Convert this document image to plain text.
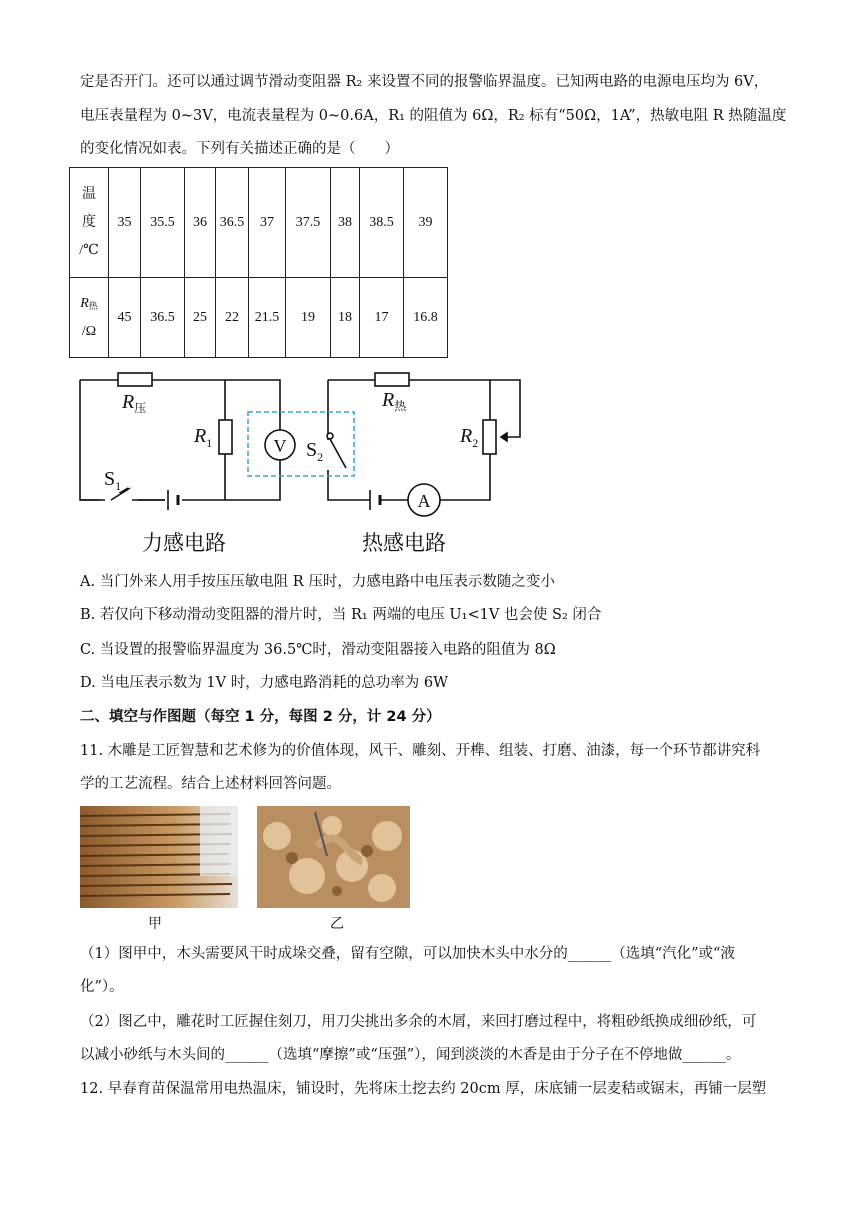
定是否开门。还可以通过调节滑动变阻器 R₂ 来设置不同的报警临界温度。已知两电路的电源电压均为 6V，
电压表量程为 0~3V，电流表量程为 0~0.6A，R₁ 的阻值为 6Ω，R₂ 标有“50Ω，1A”，热敏电阻 R 热随温度
的变化情况如表。下列有关描述正确的是（　　）
温
度
/℃	35	35.5	36	36.5	37	37.5	38	38.5	39

$R_热$
/Ω	45	36.5	25	22	21.5	19	18	17	16.8
$R_压$
$R_1$	V
$S_1$
$S_2$
$R_热$
$R_2$
A
力感电路	热感电路
A. 当门外来人用手按压压敏电阻 R 压时，力感电路中电压表示数随之变小
B. 若仅向下移动滑动变阻器的滑片时，当 R₁ 两端的电压 U₁<1V 也会使 S₂ 闭合
C. 当设置的报警临界温度为 36.5℃时，滑动变阻器接入电路的阻值为 8Ω
D. 当电压表示数为 1V 时，力感电路消耗的总功率为 6W
二、填空与作图题（每空 1 分，每图 2 分，计 24 分）
11. 木雕是工匠智慧和艺术修为的价值体现，风干、雕刻、开榫、组装、打磨、油漆，每一个环节都讲究科
学的工艺流程。结合上述材料回答问题。
甲	乙
（1）图甲中，木头需要风干时成垛交叠，留有空隙，可以加快木头中水分的______（选填“汽化”或“液
化”）。
（2）图乙中，雕花时工匠握住刻刀，用刀尖挑出多余的木屑，来回打磨过程中，将粗砂纸换成细砂纸，可
以减小砂纸与木头间的______（选填“摩擦”或“压强”），闻到淡淡的木香是由于分子在不停地做______。
12. 早春育苗保温常用电热温床，铺设时，先将床土挖去约 20cm 厚，床底铺一层麦秸或锯末，再铺一层塑
